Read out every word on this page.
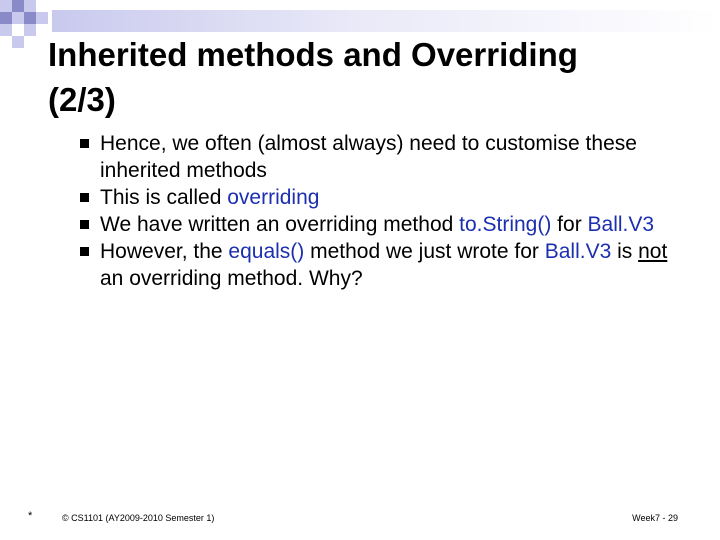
Inherited methods and Overriding
(2/3)
Hence, we often (almost always) need to customise these inherited methods
This is called overriding
We have written an overriding method to.String() for Ball.V3
However, the equals() method we just wrote for Ball.V3 is not an overriding method. Why?
*	© CS1101 (AY2009-2010 Semester 1)	Week7 - 29
